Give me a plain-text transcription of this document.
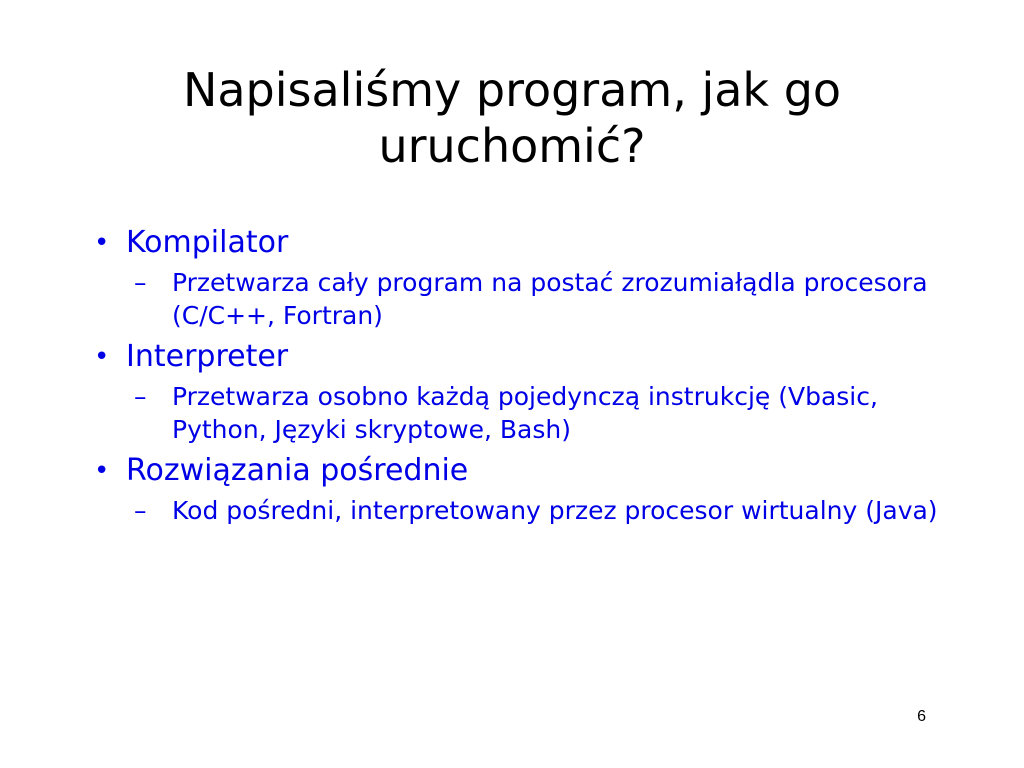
Napisaliśmy program, jak go uruchomić?
• Kompilator
– Przetwarza cały program na postać zrozumiałądla procesora (C/C++, Fortran)
• Interpreter
– Przetwarza osobno każdą pojedynczą instrukcję (Vbasic, Python, Języki skryptowe, Bash)
• Rozwiązania pośrednie
– Kod pośredni, interpretowany przez procesor wirtualny (Java)
6
